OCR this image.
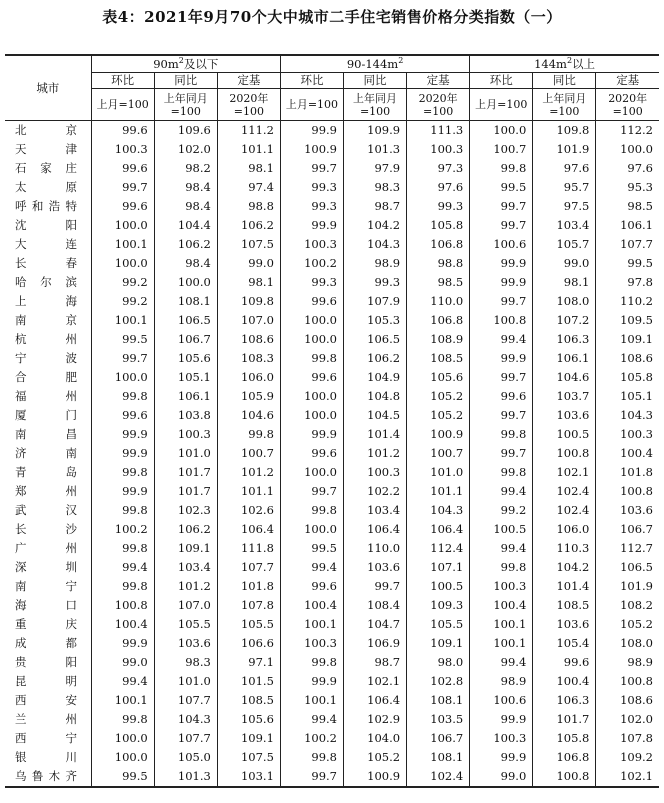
表4：2021年9月70个大中城市二手住宅销售价格分类指数（一）
城市	$90m^2$及以下			$90-144m^2$			$144m^2$以上		
	环比	同比	定基	环比	同比	定基	环比	同比	定基
	上月=100	上年同月=100	2020年=100	上月=100	上年同月=100	2020年=100	上月=100	上年同月=100	2020年=100
北京	99.6	109.6	111.2	99.9	109.9	111.3	100.0	109.8	112.2
天津	100.3	102.0	101.1	100.9	101.3	100.3	100.7	101.9	100.0
石家庄	99.6	98.2	98.1	99.7	97.9	97.3	99.8	97.6	97.6
太原	99.7	98.4	97.4	99.3	98.3	97.6	99.5	95.7	95.3
呼和浩特	99.6	98.4	98.8	99.3	98.7	99.3	99.7	97.5	98.5
沈阳	100.0	104.4	106.2	99.9	104.2	105.8	99.7	103.4	106.1
大连	100.1	106.2	107.5	100.3	104.3	106.8	100.6	105.7	107.7
长春	100.0	98.4	99.0	100.2	98.9	98.8	99.9	99.0	99.5
哈尔滨	99.2	100.0	98.1	99.3	99.3	98.5	99.9	98.1	97.8
上海	99.2	108.1	109.8	99.6	107.9	110.0	99.7	108.0	110.2
南京	100.1	106.5	107.0	100.0	105.3	106.8	100.8	107.2	109.5
杭州	99.5	106.7	108.6	100.0	106.5	108.9	99.4	106.3	109.1
宁波	99.7	105.6	108.3	99.8	106.2	108.5	99.9	106.1	108.6
合肥	100.0	105.1	106.0	99.6	104.9	105.6	99.7	104.6	105.8
福州	99.8	106.1	105.9	100.0	104.8	105.2	99.6	103.7	105.1
厦门	99.6	103.8	104.6	100.0	104.5	105.2	99.7	103.6	104.3
南昌	99.9	100.3	99.8	99.9	101.4	100.9	99.8	100.5	100.3
济南	99.9	101.0	100.7	99.6	101.2	100.7	99.7	100.8	100.4
青岛	99.8	101.7	101.2	100.0	100.3	101.0	99.8	102.1	101.8
郑州	99.9	101.7	101.1	99.7	102.2	101.1	99.4	102.4	100.8
武汉	99.8	102.3	102.6	99.8	103.4	104.3	99.2	102.4	103.6
长沙	100.2	106.2	106.4	100.0	106.4	106.4	100.5	106.0	106.7
广州	99.8	109.1	111.8	99.5	110.0	112.4	99.4	110.3	112.7
深圳	99.4	103.4	107.7	99.4	103.6	107.1	99.8	104.2	106.5
南宁	99.8	101.2	101.8	99.6	99.7	100.5	100.3	101.4	101.9
海口	100.8	107.0	107.8	100.4	108.4	109.3	100.4	108.5	108.2
重庆	100.4	105.5	105.5	100.1	104.7	105.5	100.1	103.6	105.2
成都	99.9	103.6	106.6	100.3	106.9	109.1	100.1	105.4	108.0
贵阳	99.0	98.3	97.1	99.8	98.7	98.0	99.4	99.6	98.9
昆明	99.4	101.0	101.5	99.9	102.1	102.8	98.9	100.4	100.8
西安	100.1	107.7	108.5	100.1	106.4	108.1	100.6	106.3	108.6
兰州	99.8	104.3	105.6	99.4	102.9	103.5	99.9	101.7	102.0
西宁	100.0	107.7	109.1	100.2	104.0	106.7	100.3	105.8	107.8
银川	100.0	105.0	107.5	99.8	105.2	108.1	99.9	106.8	109.2
乌鲁木齐	99.5	101.3	103.1	99.7	100.9	102.4	99.0	100.8	102.1
